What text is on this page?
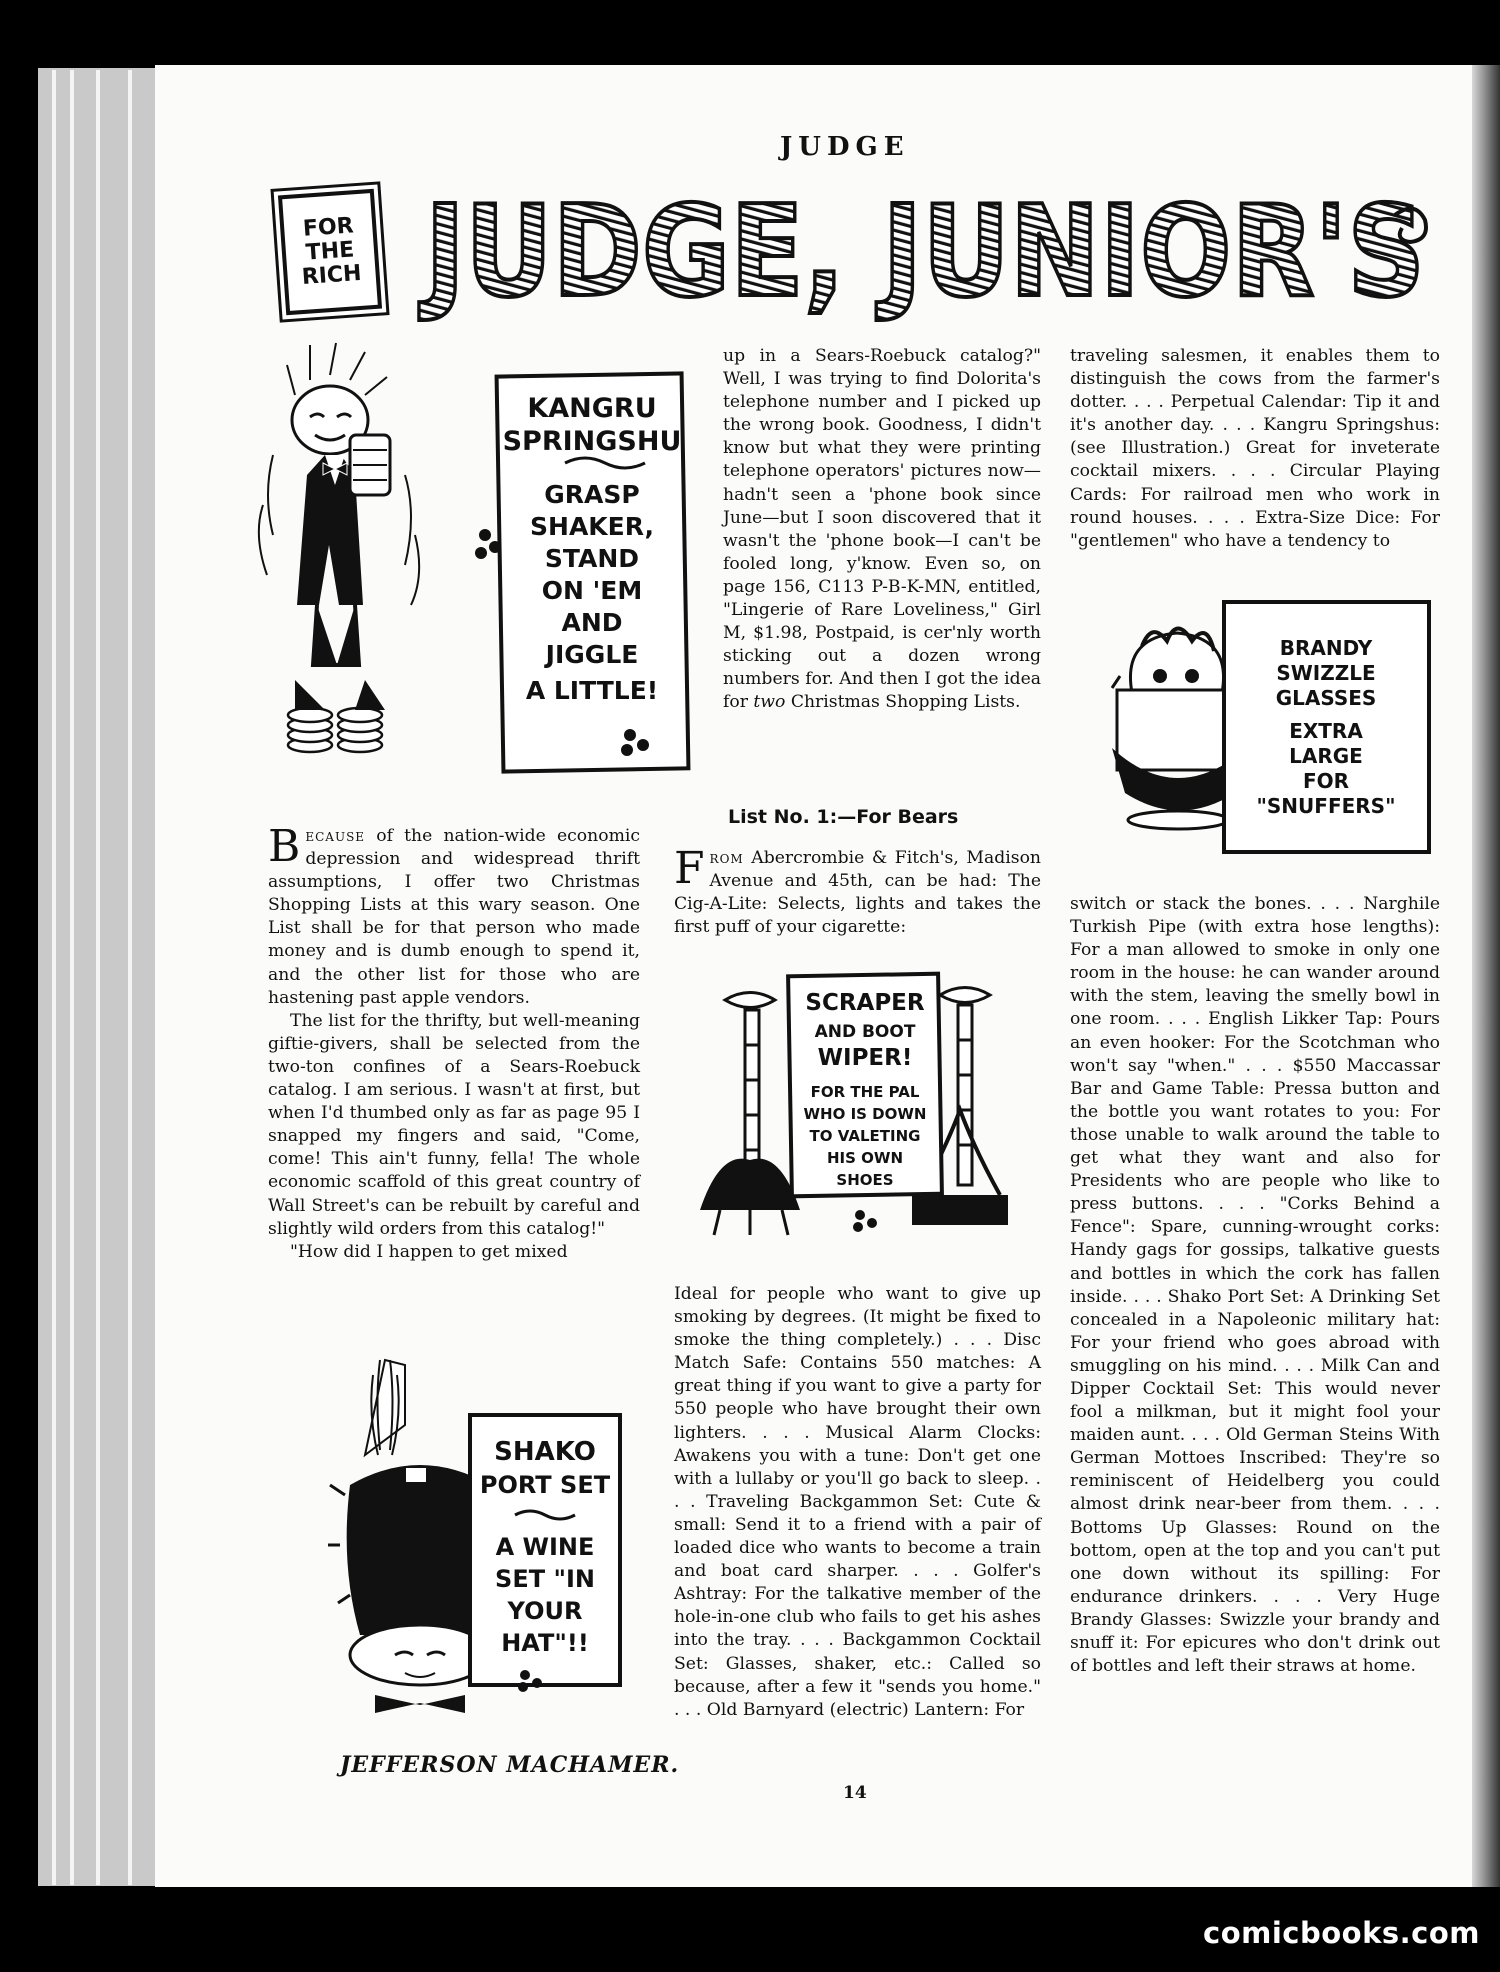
JUDGE
FOR
THE
RICH JUDGE, JUNIOR'S
KANGRU
SPRINGSHU
GRASP
SHAKER,
STAND
ON 'EM
AND
JIGGLE
A LITTLE!
BRANDY
SWIZZLE
GLASSES
EXTRA
LARGE
FOR
"SNUFFERS"
SCRAPER
AND BOOT
WIPER!
FOR THE PAL
WHO IS DOWN
TO VALETING
HIS OWN
SHOES
SHAKO
PORT SET
A WINE
SET "IN
YOUR
HAT"!!
JEFFERSON MACHAMER.

Because of the nation-wide economic depression and widespread thrift assumptions, I offer two Christmas Shopping Lists at this wary season. One List shall be for that person who made money and is dumb enough to spend it, and the other list for those who are hastening past apple vendors.

The list for the thrifty, but well-meaning giftie-givers, shall be selected from the two-ton confines of a Sears-Roebuck catalog. I am serious. I wasn't at first, but when I'd thumbed only as far as page 95 I snapped my fingers and said, "Come, come! This ain't funny, fella! The whole economic scaffold of this great country of Wall Street's can be rebuilt by careful and slightly wild orders from this catalog!"

"How did I happen to get mixed

up in a Sears-Roebuck catalog?" Well, I was trying to find Dolorita's telephone number and I picked up the wrong book. Goodness, I didn't know but what they were printing telephone operators' pictures now—hadn't seen a 'phone book since June—but I soon discovered that it wasn't the 'phone book—I can't be fooled long, y'know. Even so, on page 156, C113 P-B-K-MN, entitled, "Lingerie of Rare Loveliness," Girl M, $1.98, Postpaid, is cer'nly worth sticking out a dozen wrong numbers for. And then I got the idea for two Christmas Shopping Lists.

List No. 1:—For Bears

From Abercrombie & Fitch's, Madison Avenue and 45th, can be had: The Cig-A-Lite: Selects, lights and takes the first puff of your cigarette:

Ideal for people who want to give up smoking by degrees. (It might be fixed to smoke the thing completely.) . . . Disc Match Safe: Contains 550 matches: A great thing if you want to give a party for 550 people who have brought their own lighters. . . . Musical Alarm Clocks: Awakens you with a tune: Don't get one with a lullaby or you'll go back to sleep. . . . Traveling Backgammon Set: Cute & small: Send it to a friend with a pair of loaded dice who wants to become a train and boat card sharper. . . . Golfer's Ashtray: For the talkative member of the hole-in-one club who fails to get his ashes into the tray. . . . Backgammon Cocktail Set: Glasses, shaker, etc.: Called so because, after a few it "sends you home." . . . Old Barnyard (electric) Lantern: For

traveling salesmen, it enables them to distinguish the cows from the farmer's dotter. . . . Perpetual Calendar: Tip it and it's another day. . . . Kangru Springshus: (see Illustration.) Great for inveterate cocktail mixers. . . . Circular Playing Cards: For railroad men who work in round houses. . . . Extra-Size Dice: For "gentlemen" who have a tendency to

switch or stack the bones. . . . Narghile Turkish Pipe (with extra hose lengths): For a man allowed to smoke in only one room in the house: he can wander around with the stem, leaving the smelly bowl in one room. . . . English Likker Tap: Pours an even hooker: For the Scotchman who won't say "when." . . . $550 Maccassar Bar and Game Table: Pressa button and the bottle you want rotates to you: For those unable to walk around the table to get what they want and also for Presidents who are people who like to press buttons. . . . "Corks Behind a Fence": Spare, cunning-wrought corks: Handy gags for gossips, talkative guests and bottles in which the cork has fallen inside. . . . Shako Port Set: A Drinking Set concealed in a Napoleonic military hat: For your friend who goes abroad with smuggling on his mind. . . . Milk Can and Dipper Cocktail Set: This would never fool a milkman, but it might fool your maiden aunt. . . . Old German Steins With German Mottoes Inscribed: They're so reminiscent of Heidelberg you could almost drink near-beer from them. . . . Bottoms Up Glasses: Round on the bottom, open at the top and you can't put one down without its spilling: For endurance drinkers. . . . Very Huge Brandy Glasses: Swizzle your brandy and snuff it: For epicures who don't drink out of bottles and left their straws at home.

14
comicbooks.com
